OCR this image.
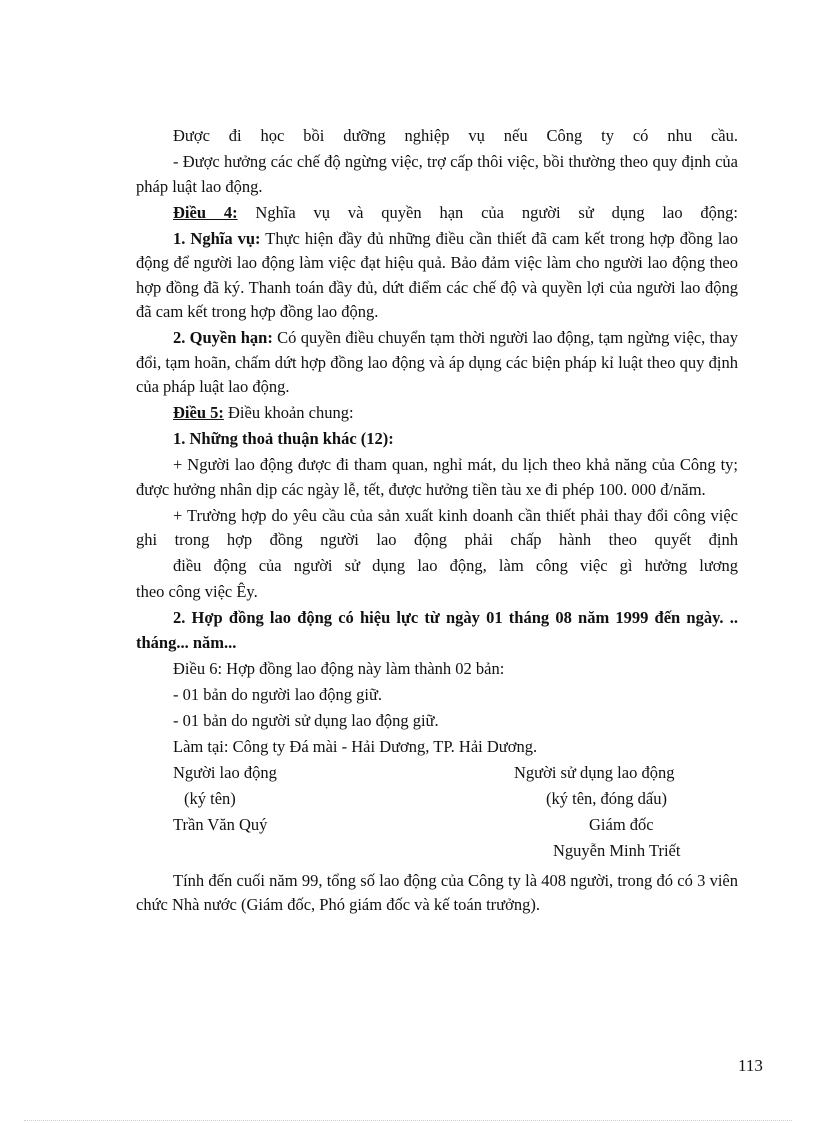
Được đi học bồi dưỡng nghiệp vụ nếu Công ty có nhu cầu.

- Được hưởng các chế độ ngừng việc, trợ cấp thôi việc, bồi thường theo quy định của pháp luật lao động.

Điều 4: Nghĩa vụ và quyền hạn của người sử dụng lao động:

1. Nghĩa vụ: Thực hiện đầy đủ những điều cần thiết đã cam kết trong hợp đồng lao động để người lao động làm việc đạt hiệu quả. Bảo đảm việc làm cho người lao động theo hợp đồng đã ký. Thanh toán đầy đủ, dứt điểm các chế độ và quyền lợi của người lao động đã cam kết trong hợp đồng lao động.

2. Quyền hạn: Có quyền điều chuyển tạm thời người lao động, tạm ngừng việc, thay đổi, tạm hoãn, chấm dứt hợp đồng lao động và áp dụng các biện pháp kỉ luật theo quy định của pháp luật lao động.

Điều 5: Điều khoản chung:

1. Những thoả thuận khác (12):

+ Người lao động được đi tham quan, nghỉ mát, du lịch theo khả năng của Công ty; được hưởng nhân dịp các ngày lễ, tết, được hưởng tiền tàu xe đi phép 100. 000 đ/năm.

+ Trường hợp do yêu cầu của sản xuất kinh doanh cần thiết phải thay đổi công việc ghi trong hợp đồng người lao động phải chấp hành theo quyết định

điều động của người sử dụng lao động, làm công việc gì hưởng lương

theo công việc Êy.

2. Hợp đồng lao động có hiệu lực từ ngày 01 tháng 08 năm 1999 đến ngày. .. tháng... năm...

Điều 6: Hợp đồng lao động này làm thành 02 bản:

- 01 bản do người lao động giữ.

- 01 bản do người sử dụng lao động giữ.

Làm tại: Công ty Đá mài - Hải Dương, TP. Hải Dương.

Người lao động	Người sử dụng lao động
(ký tên)	(ký tên, đóng dấu)
Trần Văn Quý	Giám đốc
Nguyễn Minh Triết

Tính đến cuối năm 99, tổng số lao động của Công ty là 408 người, trong đó có 3 viên chức Nhà nước (Giám đốc, Phó giám đốc và kế toán trưởng).

113
